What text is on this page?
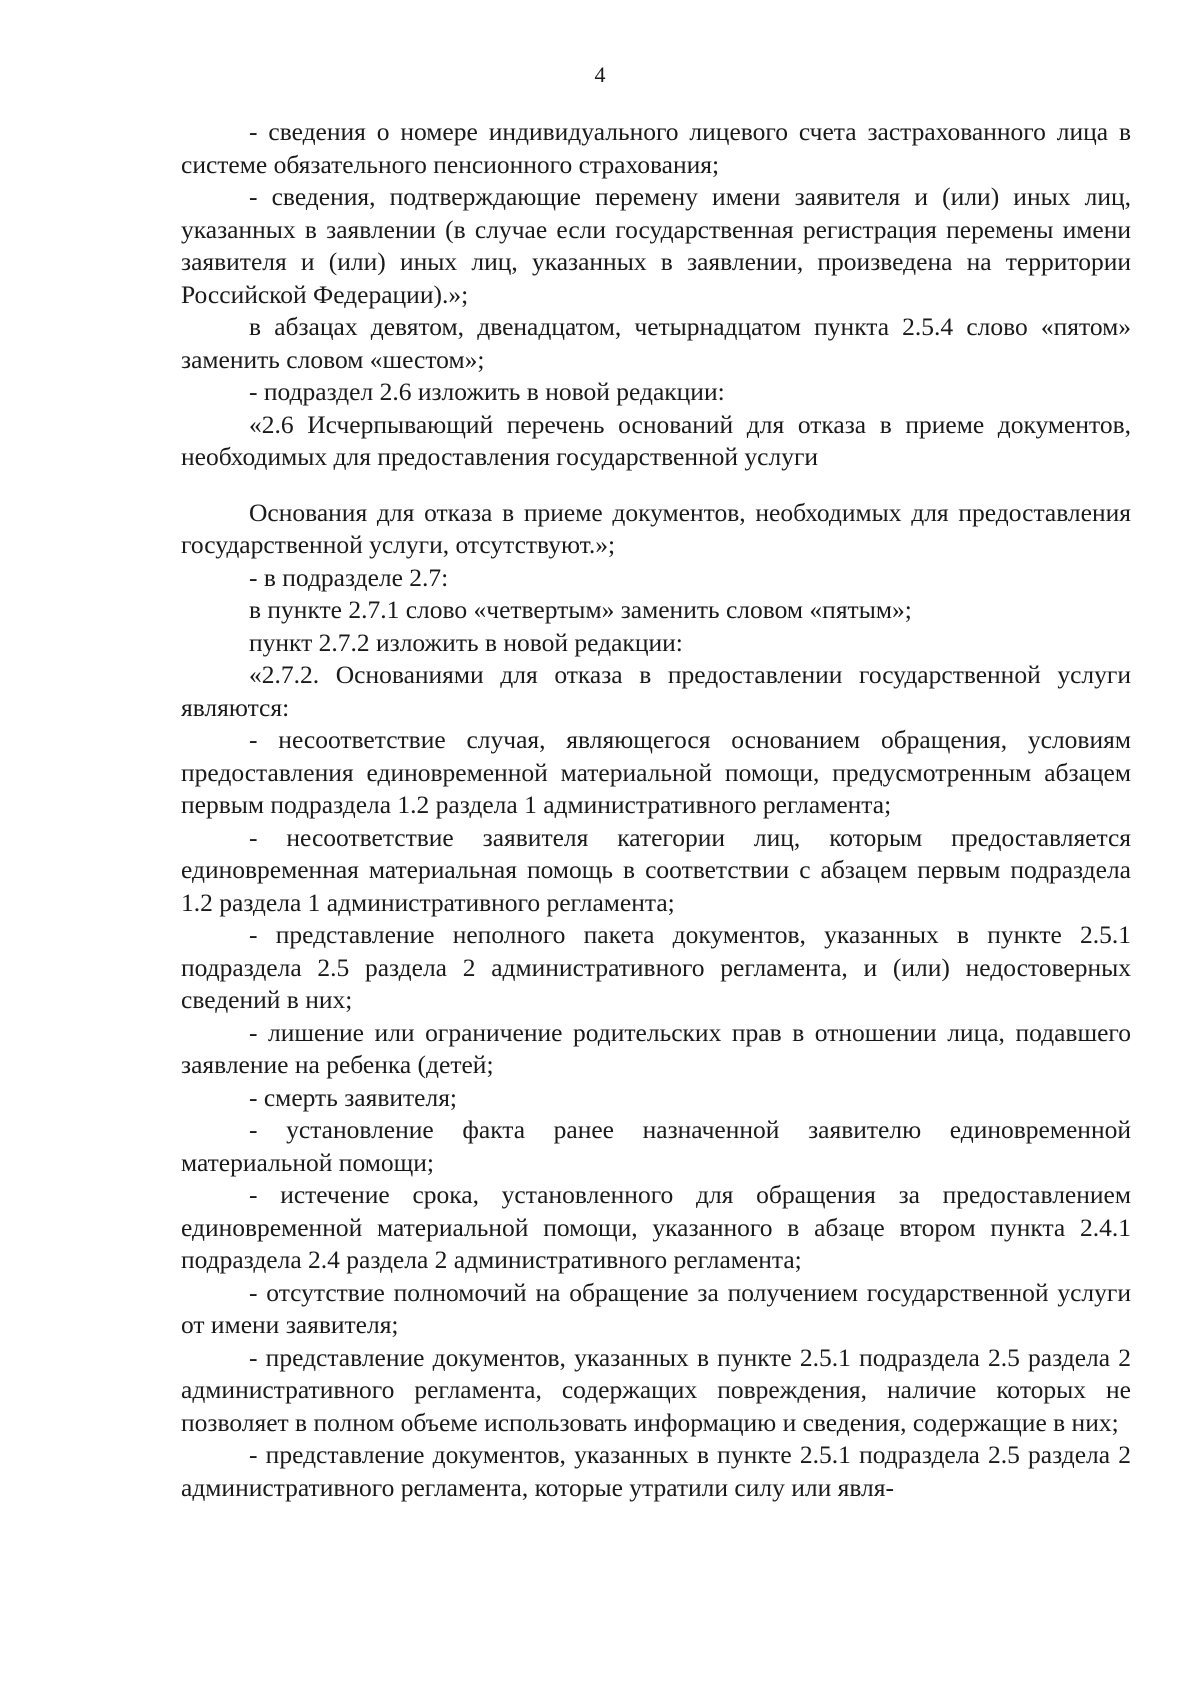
4

- сведения о номере индивидуального лицевого счета застрахованного лица в системе обязательного пенсионного страхования;

- сведения, подтверждающие перемену имени заявителя и (или) иных лиц, указанных в заявлении (в случае если государственная регистрация перемены имени заявителя и (или) иных лиц, указанных в заявлении, произведена на территории Российской Федерации).»;

в абзацах девятом, двенадцатом, четырнадцатом пункта 2.5.4 слово «пятом» заменить словом «шестом»;

- подраздел 2.6 изложить в новой редакции:

«2.6 Исчерпывающий перечень оснований для отказа в приеме документов, необходимых для предоставления государственной услуги

Основания для отказа в приеме документов, необходимых для предоставления государственной услуги, отсутствуют.»;

- в подразделе 2.7:

в пункте 2.7.1 слово «четвертым» заменить словом «пятым»;

пункт 2.7.2 изложить в новой редакции:

«2.7.2. Основаниями для отказа в предоставлении государственной услуги являются:

- несоответствие случая, являющегося основанием обращения, условиям предоставления единовременной материальной помощи, предусмотренным абзацем первым подраздела 1.2 раздела 1 административного регламента;

- несоответствие заявителя категории лиц, которым предоставляется единовременная материальная помощь в соответствии с абзацем первым подраздела 1.2 раздела 1 административного регламента;

- представление неполного пакета документов, указанных в пункте 2.5.1 подраздела 2.5 раздела 2 административного регламента, и (или) недостоверных сведений в них;

- лишение или ограничение родительских прав в отношении лица, подавшего заявление на ребенка (детей;

- смерть заявителя;

- установление факта ранее назначенной заявителю единовременной материальной помощи;

- истечение срока, установленного для обращения за предоставлением единовременной материальной помощи, указанного в абзаце втором пункта 2.4.1 подраздела 2.4 раздела 2 административного регламента;

- отсутствие полномочий на обращение за получением государственной услуги от имени заявителя;

- представление документов, указанных в пункте 2.5.1 подраздела 2.5 раздела 2 административного регламента, содержащих повреждения, наличие которых не позволяет в полном объеме использовать информацию и сведения, содержащие в них;

- представление документов, указанных в пункте 2.5.1 подраздела 2.5 раздела 2 административного регламента, которые утратили силу или явля-
